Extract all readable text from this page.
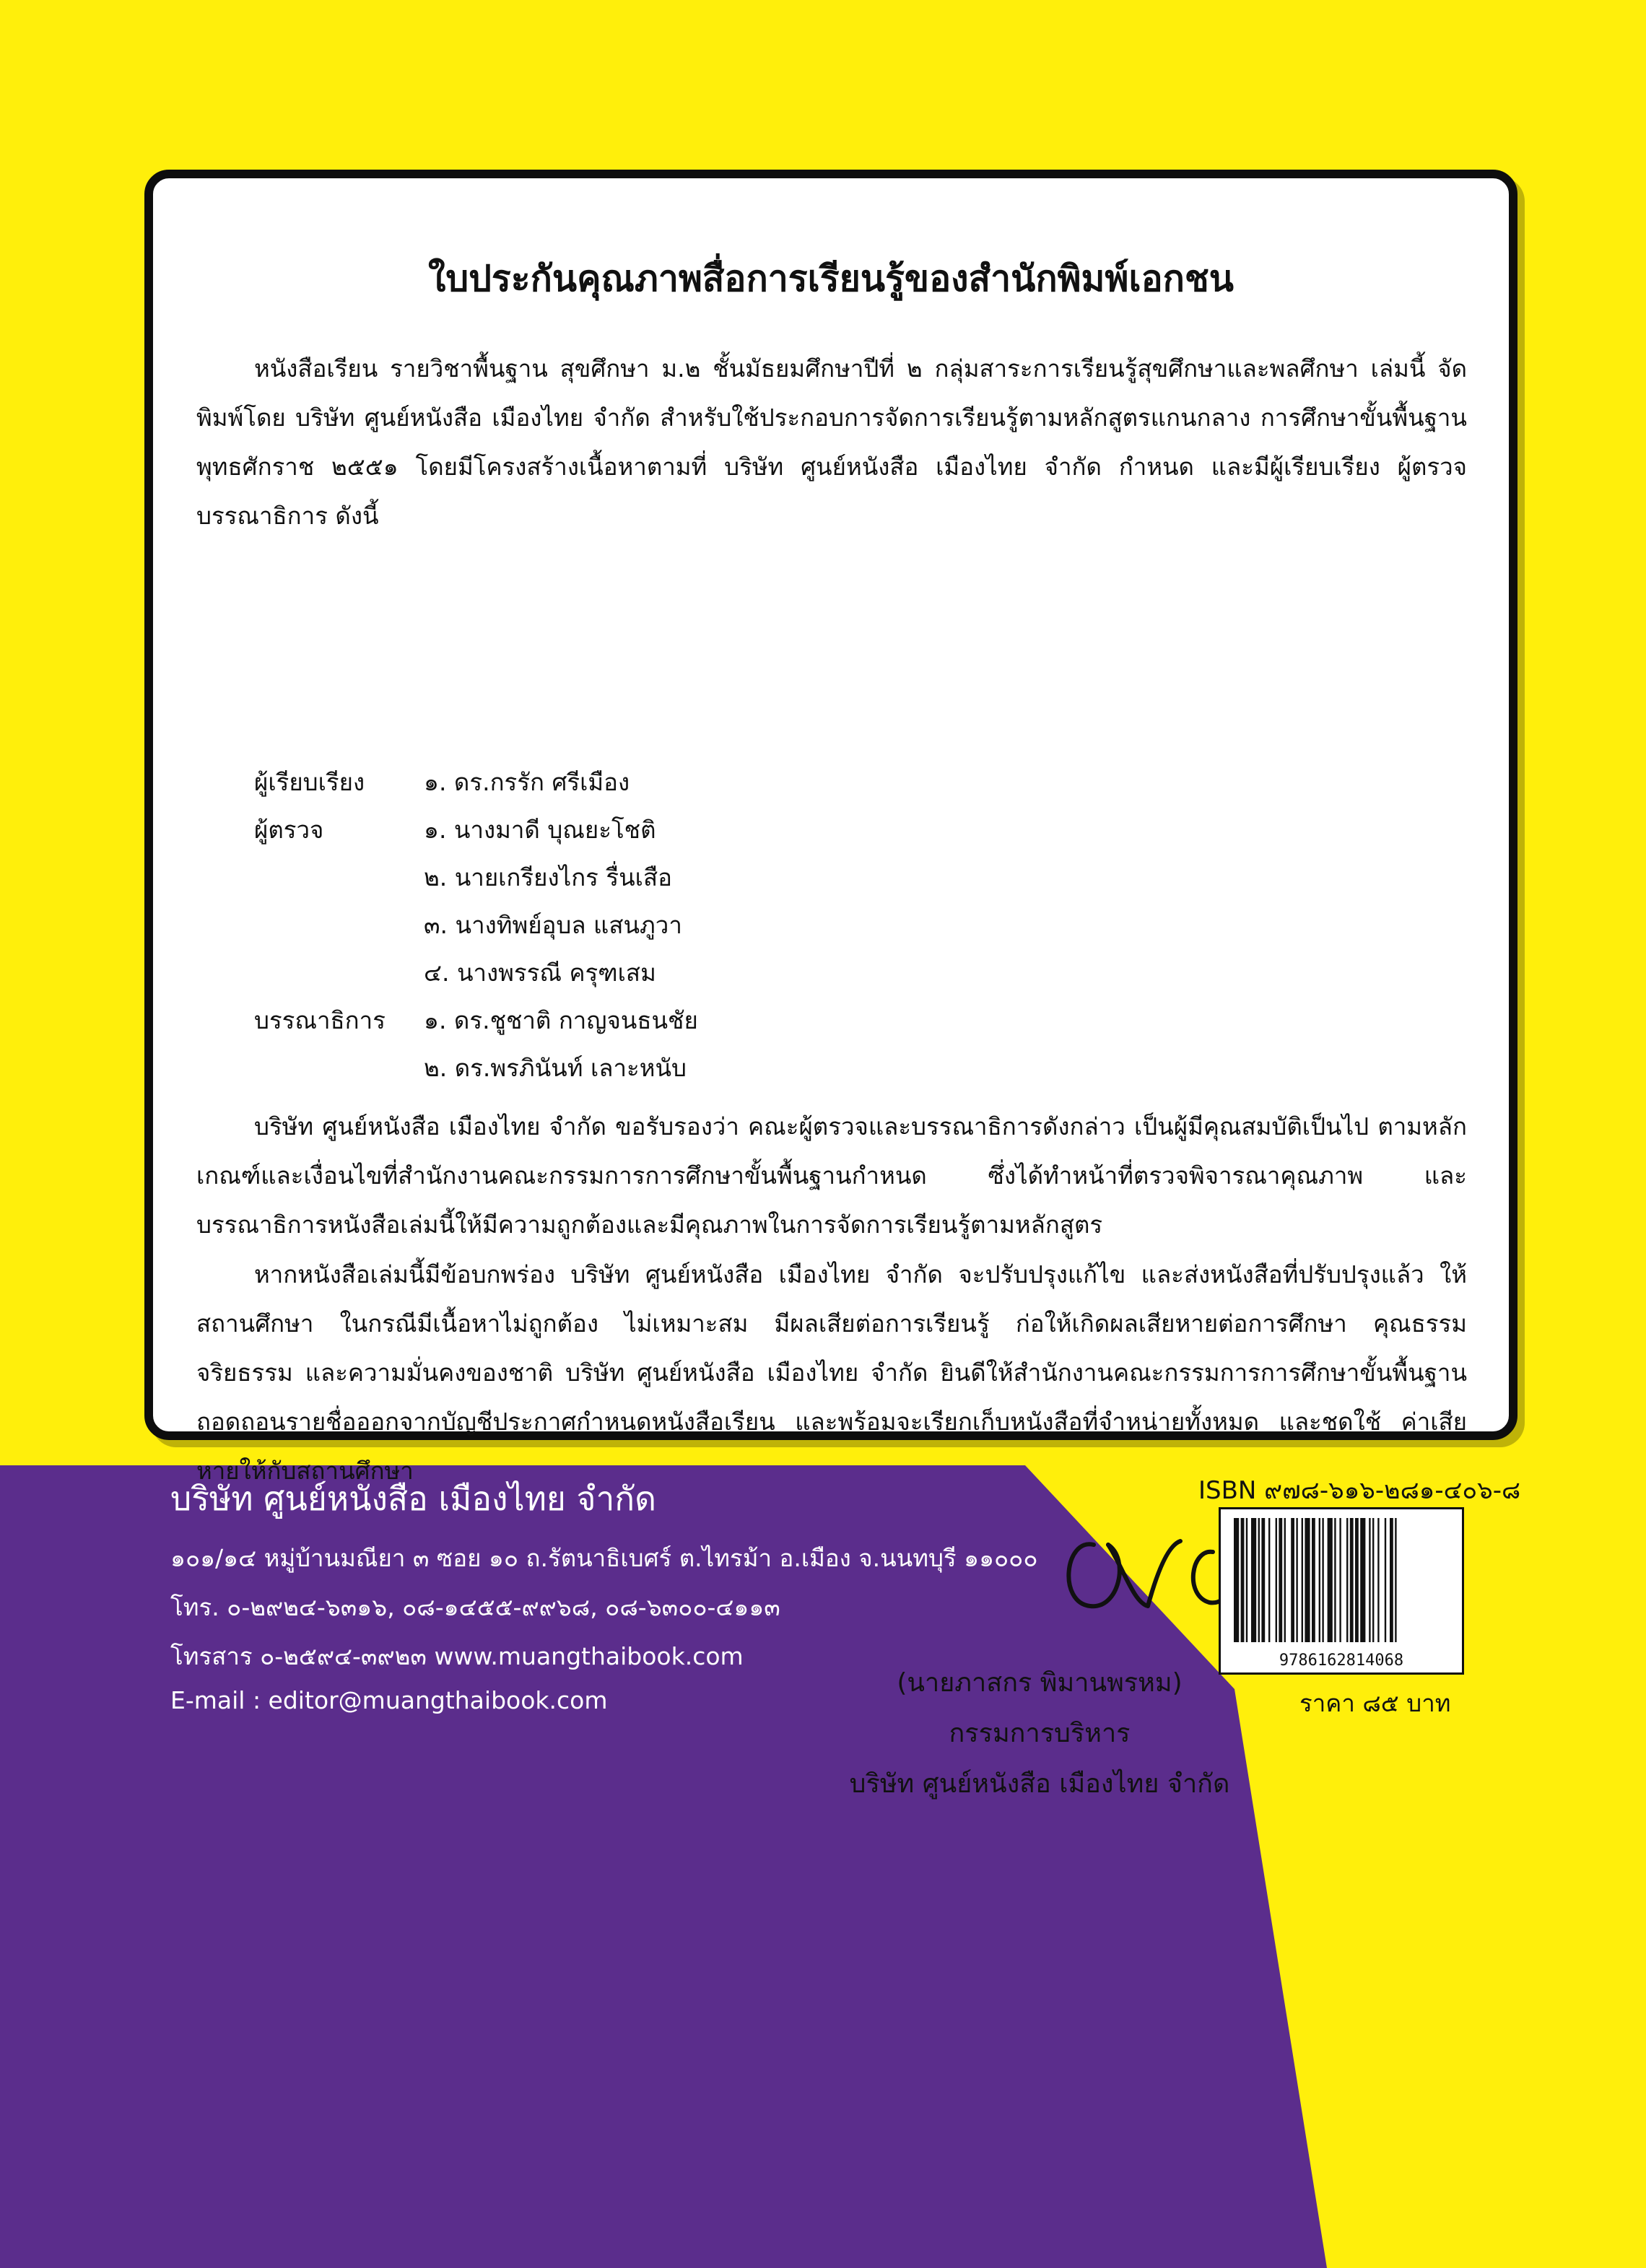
ใบประกันคุณภาพสื่อการเรียนรู้ของสำนักพิมพ์เอกชน

หนังสือเรียน รายวิชาพื้นฐาน สุขศึกษา ม.๒ ชั้นมัธยมศึกษาปีที่ ๒ กลุ่มสาระการเรียนรู้สุขศึกษาและพลศึกษา เล่มนี้ จัดพิมพ์โดย บริษัท ศูนย์หนังสือ เมืองไทย จำกัด สำหรับใช้ประกอบการจัดการเรียนรู้ตามหลักสูตรแกนกลาง การศึกษาขั้นพื้นฐาน พุทธศักราช ๒๕๕๑ โดยมีโครงสร้างเนื้อหาตามที่ บริษัท ศูนย์หนังสือ เมืองไทย จำกัด กำหนด และมีผู้เรียบเรียง ผู้ตรวจ บรรณาธิการ ดังนี้

ผู้เรียบเรียง ๑. ดร.กรรัก ศรีเมือง
ผู้ตรวจ	๑. นางมาดี บุณยะโชติ
๒. นายเกรียงไกร รื่นเสือ
๓. นางทิพย์อุบล แสนภูวา
๔. นางพรรณี ครุฑเสม
บรรณาธิการ ๑. ดร.ชูชาติ กาญจนธนชัย
๒. ดร.พรภินันท์ เลาะหนับ

บริษัท ศูนย์หนังสือ เมืองไทย จำกัด ขอรับรองว่า คณะผู้ตรวจและบรรณาธิการดังกล่าว เป็นผู้มีคุณสมบัติเป็นไป ตามหลักเกณฑ์และเงื่อนไขที่สำนักงานคณะกรรมการการศึกษาขั้นพื้นฐานกำหนด ซึ่งได้ทำหน้าที่ตรวจพิจารณาคุณภาพ และบรรณาธิการหนังสือเล่มนี้ให้มีความถูกต้องและมีคุณภาพในการจัดการเรียนรู้ตามหลักสูตร

หากหนังสือเล่มนี้มีข้อบกพร่อง บริษัท ศูนย์หนังสือ เมืองไทย จำกัด จะปรับปรุงแก้ไข และส่งหนังสือที่ปรับปรุงแล้ว ให้สถานศึกษา ในกรณีมีเนื้อหาไม่ถูกต้อง ไม่เหมาะสม มีผลเสียต่อการเรียนรู้ ก่อให้เกิดผลเสียหายต่อการศึกษา คุณธรรม จริยธรรม และความมั่นคงของชาติ บริษัท ศูนย์หนังสือ เมืองไทย จำกัด ยินดีให้สำนักงานคณะกรรมการการศึกษาขั้นพื้นฐาน ถอดถอนรายชื่อออกจากบัญชีประกาศกำหนดหนังสือเรียน และพร้อมจะเรียกเก็บหนังสือที่จำหน่ายทั้งหมด และชดใช้ ค่าเสียหายให้กับสถานศึกษา

(นายภาสกร พิมานพรหม)
กรรมการบริหาร
บริษัท ศูนย์หนังสือ เมืองไทย จำกัด
บริษัท ศูนย์หนังสือ เมืองไทย จำกัด
๑๐๑/๑๔ หมู่บ้านมณียา ๓ ซอย ๑๐ ถ.รัตนาธิเบศร์ ต.ไทรม้า อ.เมือง จ.นนทบุรี ๑๑๐๐๐
โทร. ๐-๒๙๒๔-๖๓๑๖, ๐๘-๑๔๕๕-๙๙๖๘, ๐๘-๖๓๐๐-๔๑๑๓
โทรสาร ๐-๒๕๙๔-๓๙๒๓ www.muangthaibook.com
E-mail : editor@muangthaibook.com
ISBN ๙๗๘-๖๑๖-๒๘๑-๔๐๖-๘
9786162814068
ราคา ๘๕ บาท
